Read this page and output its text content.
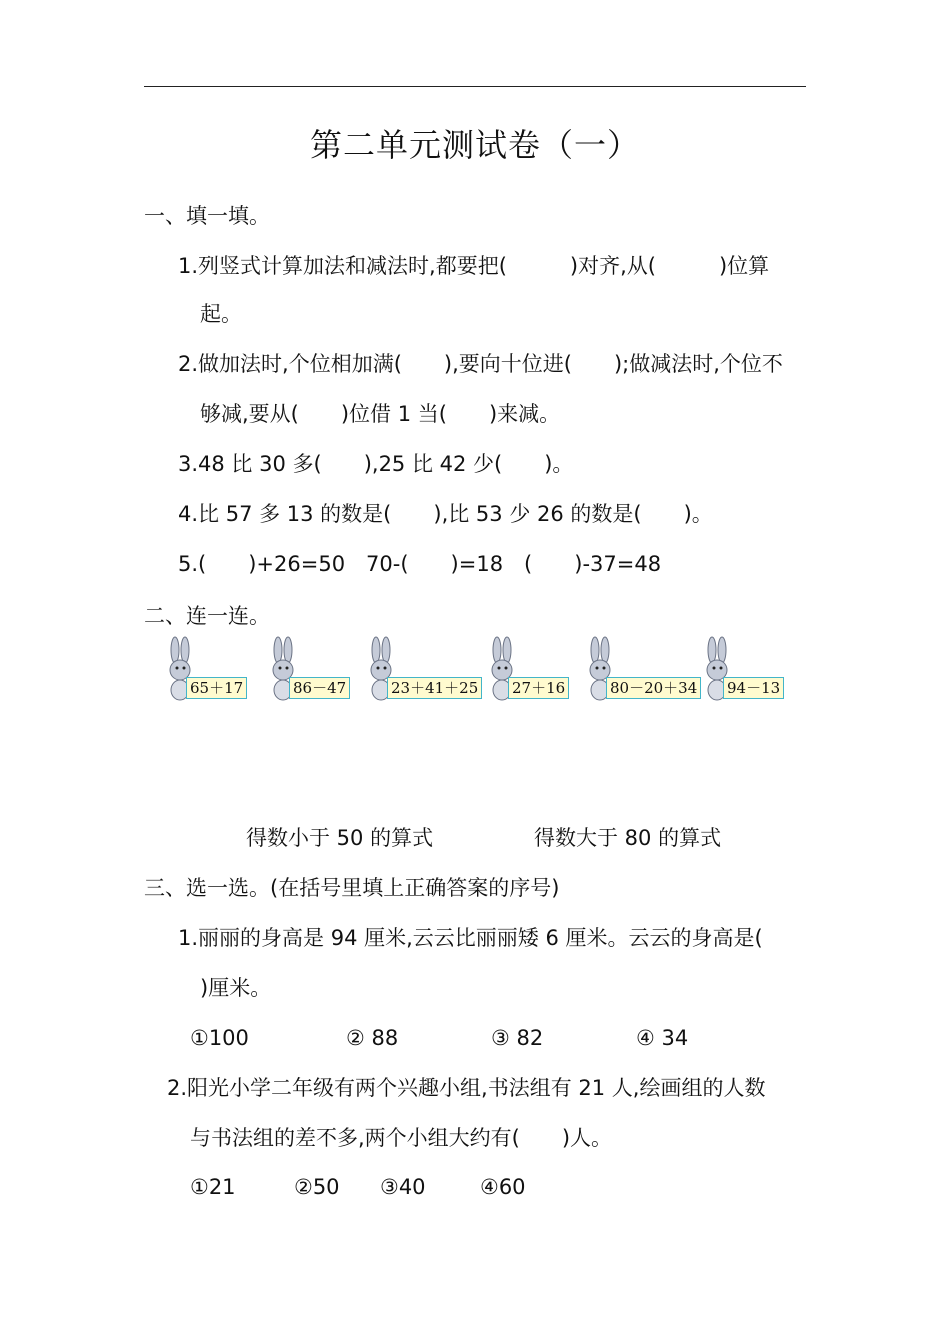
第二单元测试卷（一）
一、填一填。
1.列竖式计算加法和减法时,都要把(　　　)对齐,从(　　　)位算
起。
2.做加法时,个位相加满(　　),要向十位进(　　);做减法时,个位不
够减,要从(　　)位借 1 当(　　)来减。
3.48 比 30 多(　　),25 比 42 少(　　)。
4.比 57 多 13 的数是(　　),比 53 少 26 的数是(　　)。
5.(　　)+26=50　70-(　　)=18　(　　)-37=48
二、连一连。
65＋17	86－47	23＋41＋25 27＋16	80－20＋34 94－13
得数小于 50 的算式	得数大于 80 的算式
三、选一选。(在括号里填上正确答案的序号)
1.丽丽的身高是 94 厘米,云云比丽丽矮 6 厘米。云云的身高是(
)厘米。
①100	② 88	③ 82	④ 34
2.阳光小学二年级有两个兴趣小组,书法组有 21 人,绘画组的人数
与书法组的差不多,两个小组大约有(　　)人。
①21	②50 ③40	④60
